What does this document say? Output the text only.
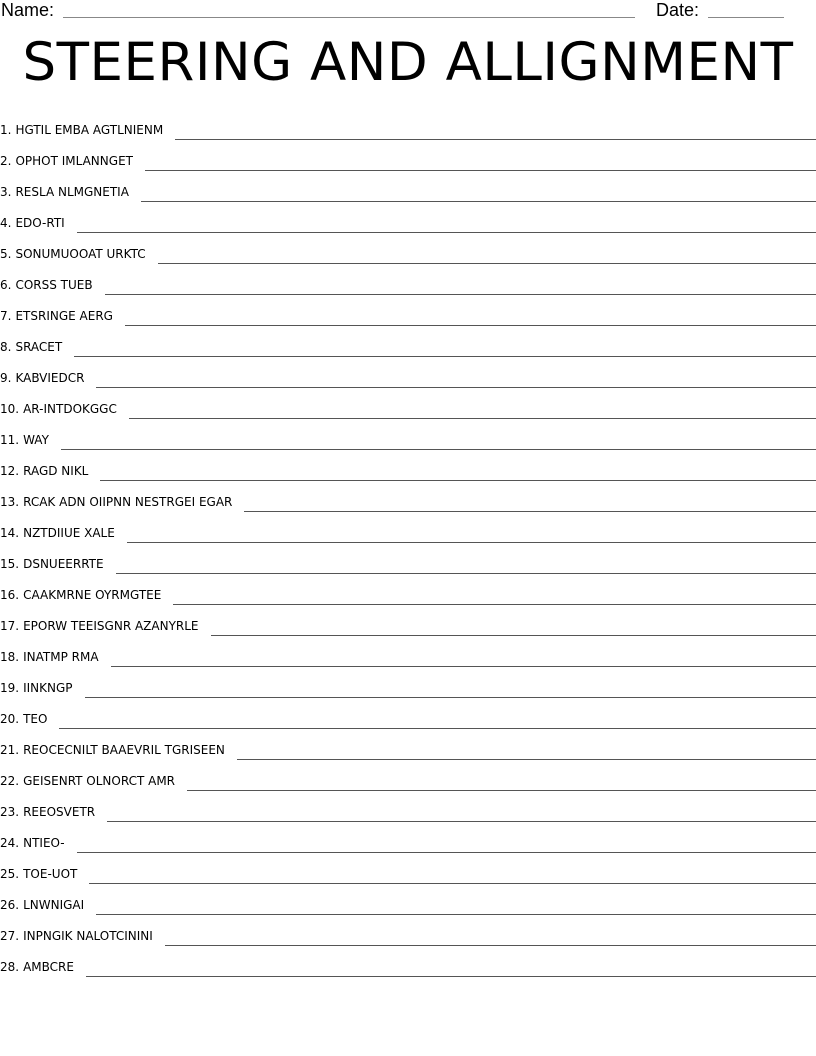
Name:	Date:
STEERING AND ALLIGNMENT
1. HGTIL EMBA AGTLNIENM
2. OPHOT IMLANNGET
3. RESLA NLMGNETIA
4. EDO-RTI
5. SONUMUOOAT URKTC
6. CORSS TUEB
7. ETSRINGE AERG
8. SRACET
9. KABVIEDCR
10. AR-INTDOKGGC
11. WAY
12. RAGD NIKL
13. RCAK ADN OIIPNN NESTRGEI EGAR
14. NZTDIIUE XALE
15. DSNUEERRTE
16. CAAKMRNE OYRMGTEE
17. EPORW TEEISGNR AZANYRLE
18. INATMP RMA
19. IINKNGP
20. TEO
21. REOCECNILT BAAEVRIL TGRISEEN
22. GEISENRT OLNORCT AMR
23. REEOSVETR
24. NTIEO-
25. TOE-UOT
26. LNWNIGAI
27. INPNGIK NALOTCININI
28. AMBCRE
